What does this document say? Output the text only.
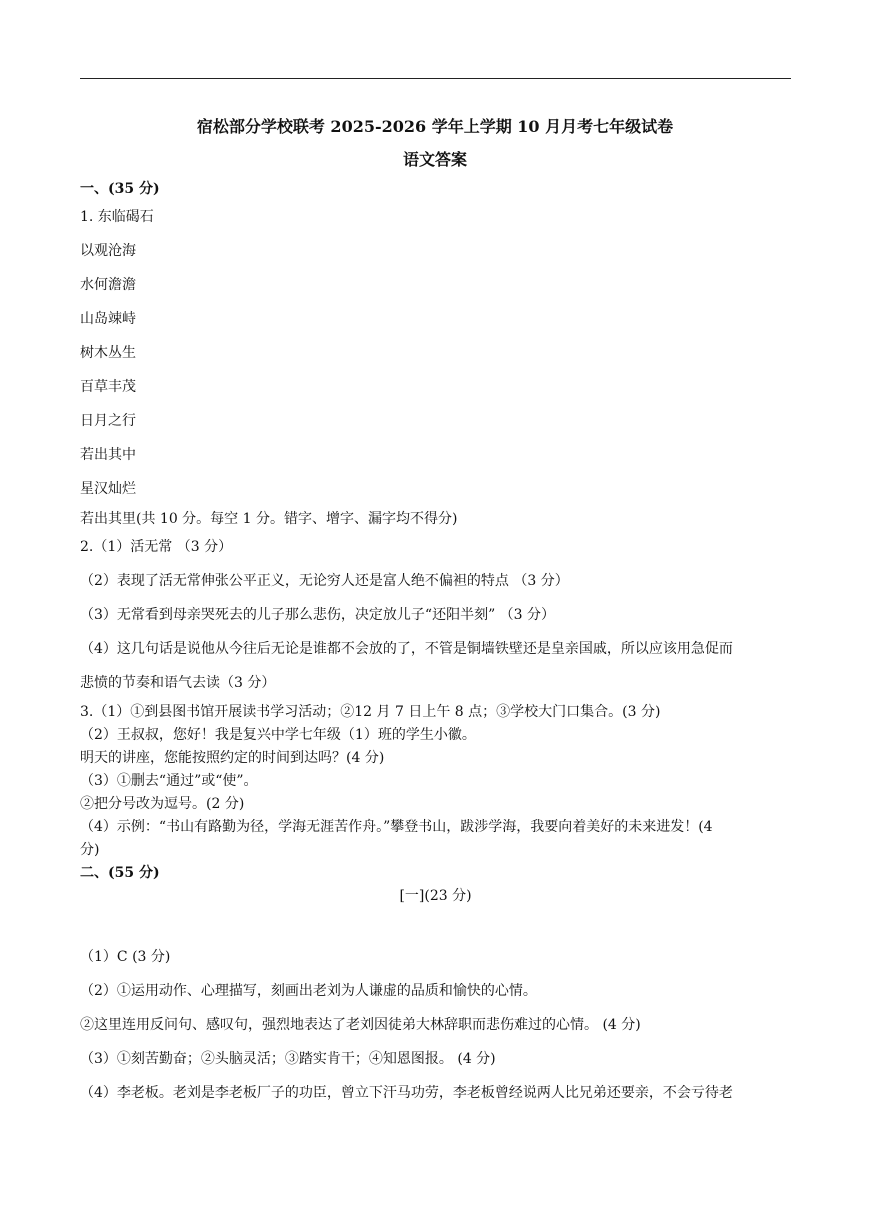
宿松部分学校联考 2025-2026 学年上学期 10 月月考七年级试卷
语文答案
一、(35 分)
1. 东临碣石
以观沧海
水何澹澹
山岛竦峙
树木丛生
百草丰茂
日月之行
若出其中
星汉灿烂
若出其里(共 10 分。每空 1 分。错字、增字、漏字均不得分)
2.（1）活无常 （3 分）
（2）表现了活无常伸张公平正义，无论穷人还是富人绝不偏袒的特点 （3 分）
（3）无常看到母亲哭死去的儿子那么悲伤，决定放儿子“还阳半刻” （3 分）
（4）这几句话是说他从今往后无论是谁都不会放的了，不管是铜墙铁壁还是皇亲国戚，所以应该用急促而
悲愤的节奏和语气去读（3 分）
3.（1）①到县图书馆开展读书学习活动；②12 月 7 日上午 8 点；③学校大门口集合。(3 分)
（2）王叔叔，您好！我是复兴中学七年级（1）班的学生小徽。
明天的讲座，您能按照约定的时间到达吗？(4 分)
（3）①删去“通过”或“使”。
②把分号改为逗号。(2 分)
（4）示例：“书山有路勤为径，学海无涯苦作舟。”攀登书山，跋涉学海，我要向着美好的未来进发！(4
分)
二、(55 分)
[一](23 分)
（1）C (3 分)
（2）①运用动作、心理描写，刻画出老刘为人谦虚的品质和愉快的心情。
②这里连用反问句、感叹句，强烈地表达了老刘因徒弟大林辞职而悲伤难过的心情。 (4 分)
（3）①刻苦勤奋；②头脑灵活；③踏实肯干；④知恩图报。 (4 分)
（4）李老板。老刘是李老板厂子的功臣，曾立下汗马功劳，李老板曾经说两人比兄弟还要亲，不会亏待老
